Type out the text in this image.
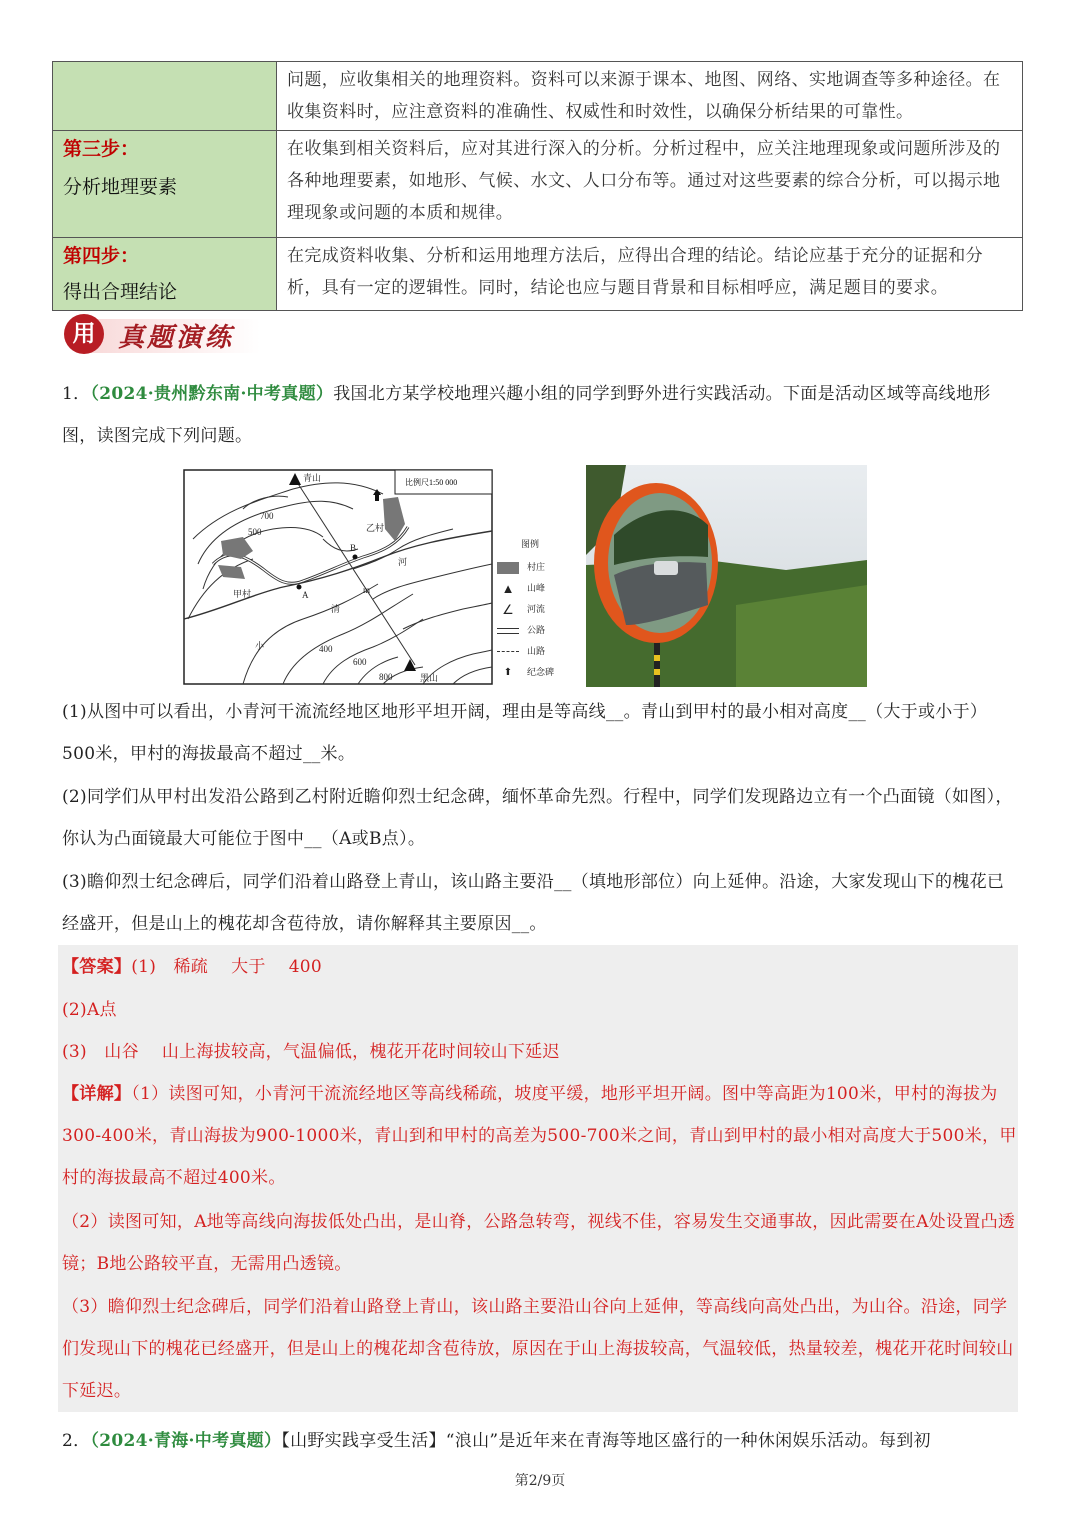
	问题，应收集相关的地理资料。资料可以来源于课本、地图、网络、实地调查等多种途径。在收集资料时，应注意资料的准确性、权威性和时效性，以确保分析结果的可靠性。

第三步：
分析地理要素	在收集到相关资料后，应对其进行深入的分析。分析过程中，应关注地理现象或问题所涉及的各种地理要素，如地形、气候、水文、人口分布等。通过对这些要素的综合分析，可以揭示地理现象或问题的本质和规律。

第四步：
得出合理结论	在完成资料收集、分析和运用地理方法后，应得出合理的结论。结论应基于充分的证据和分析，具有一定的逻辑性。同时，结论也应与题目背景和目标相呼应，满足题目的要求。
用 真题演练
1．（2024·贵州黔东南·中考真题）我国北方某学校地理兴趣小组的同学到野外进行实践活动。下面是活动区域等高线地形图，读图完成下列问题。
比例尺1:50 000
青山
黑山
甲村
乙村
A
B
m
河
清
小	400
500
600
700
800
图例
村庄
▲ 山峰
∠ 河流
公路
山路
⬆ 纪念碑
(1)从图中可以看出，小青河干流流经地区地形平坦开阔，理由是等高线__。青山到甲村的最小相对高度__（大于或小于）500米，甲村的海拔最高不超过__米。
(2)同学们从甲村出发沿公路到乙村附近瞻仰烈士纪念碑，缅怀革命先烈。行程中，同学们发现路边立有一个凸面镜（如图），你认为凸面镜最大可能位于图中__（A或B点）。
(3)瞻仰烈士纪念碑后，同学们沿着山路登上青山，该山路主要沿__（填地形部位）向上延伸。沿途，大家发现山下的槐花已经盛开，但是山上的槐花却含苞待放，请你解释其主要原因__。
【答案】(1)　稀疏　 大于　 400
(2)A点
(3)　山谷　 山上海拔较高，气温偏低，槐花开花时间较山下延迟
【详解】（1）读图可知，小青河干流流经地区等高线稀疏，坡度平缓，地形平坦开阔。图中等高距为100米，甲村的海拔为300-400米，青山海拔为900-1000米，青山到和甲村的高差为500-700米之间，青山到甲村的最小相对高度大于500米，甲村的海拔最高不超过400米。
（2）读图可知，A地等高线向海拔低处凸出，是山脊，公路急转弯，视线不佳，容易发生交通事故，因此需要在A处设置凸透镜；B地公路较平直，无需用凸透镜。
（3）瞻仰烈士纪念碑后，同学们沿着山路登上青山，该山路主要沿山谷向上延伸，等高线向高处凸出，为山谷。沿途，同学们发现山下的槐花已经盛开，但是山上的槐花却含苞待放，原因在于山上海拔较高，气温较低，热量较差，槐花开花时间较山下延迟。
2．（2024·青海·中考真题）【山野实践享受生活】“浪山”是近年来在青海等地区盛行的一种休闲娱乐活动。每到初
第2/9页
